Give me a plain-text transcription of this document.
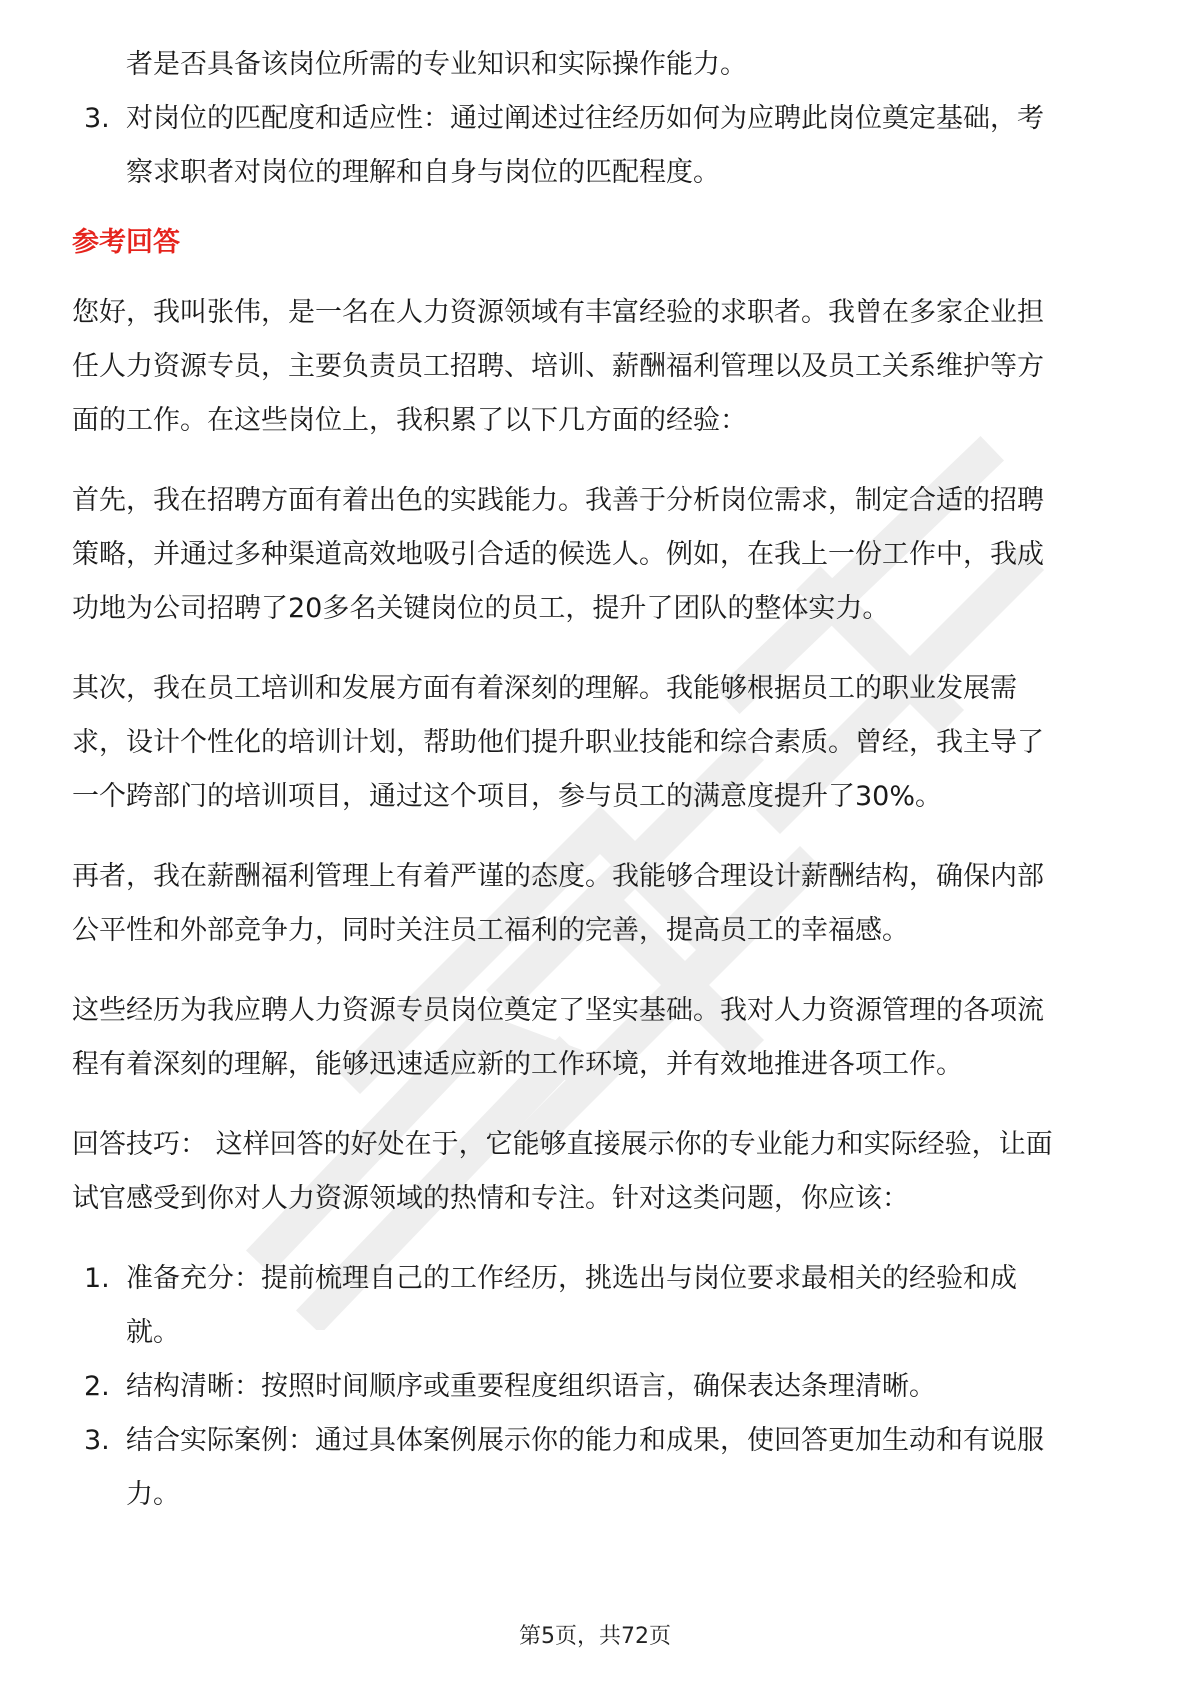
者是否具备该岗位所需的专业知识和实际操作能力。
3. 对岗位的匹配度和适应性：通过阐述过往经历如何为应聘此岗位奠定基础，考
察求职者对岗位的理解和自身与岗位的匹配程度。
参考回答
您好，我叫张伟，是一名在人力资源领域有丰富经验的求职者。我曾在多家企业担
任人力资源专员，主要负责员工招聘、培训、薪酬福利管理以及员工关系维护等方
面的工作。在这些岗位上，我积累了以下几方面的经验：
首先，我在招聘方面有着出色的实践能力。我善于分析岗位需求，制定合适的招聘
策略，并通过多种渠道高效地吸引合适的候选人。例如，在我上一份工作中，我成
功地为公司招聘了20多名关键岗位的员工，提升了团队的整体实力。
其次，我在员工培训和发展方面有着深刻的理解。我能够根据员工的职业发展需
求，设计个性化的培训计划，帮助他们提升职业技能和综合素质。曾经，我主导了
一个跨部门的培训项目，通过这个项目，参与员工的满意度提升了30%。
再者，我在薪酬福利管理上有着严谨的态度。我能够合理设计薪酬结构，确保内部
公平性和外部竞争力，同时关注员工福利的完善，提高员工的幸福感。
这些经历为我应聘人力资源专员岗位奠定了坚实基础。我对人力资源管理的各项流
程有着深刻的理解，能够迅速适应新的工作环境，并有效地推进各项工作。
回答技巧： 这样回答的好处在于，它能够直接展示你的专业能力和实际经验，让面
试官感受到你对人力资源领域的热情和专注。针对这类问题，你应该：
1. 准备充分：提前梳理自己的工作经历，挑选出与岗位要求最相关的经验和成
就。
2. 结构清晰：按照时间顺序或重要程度组织语言，确保表达条理清晰。
3. 结合实际案例：通过具体案例展示你的能力和成果，使回答更加生动和有说服
力。
第5页，共72页
